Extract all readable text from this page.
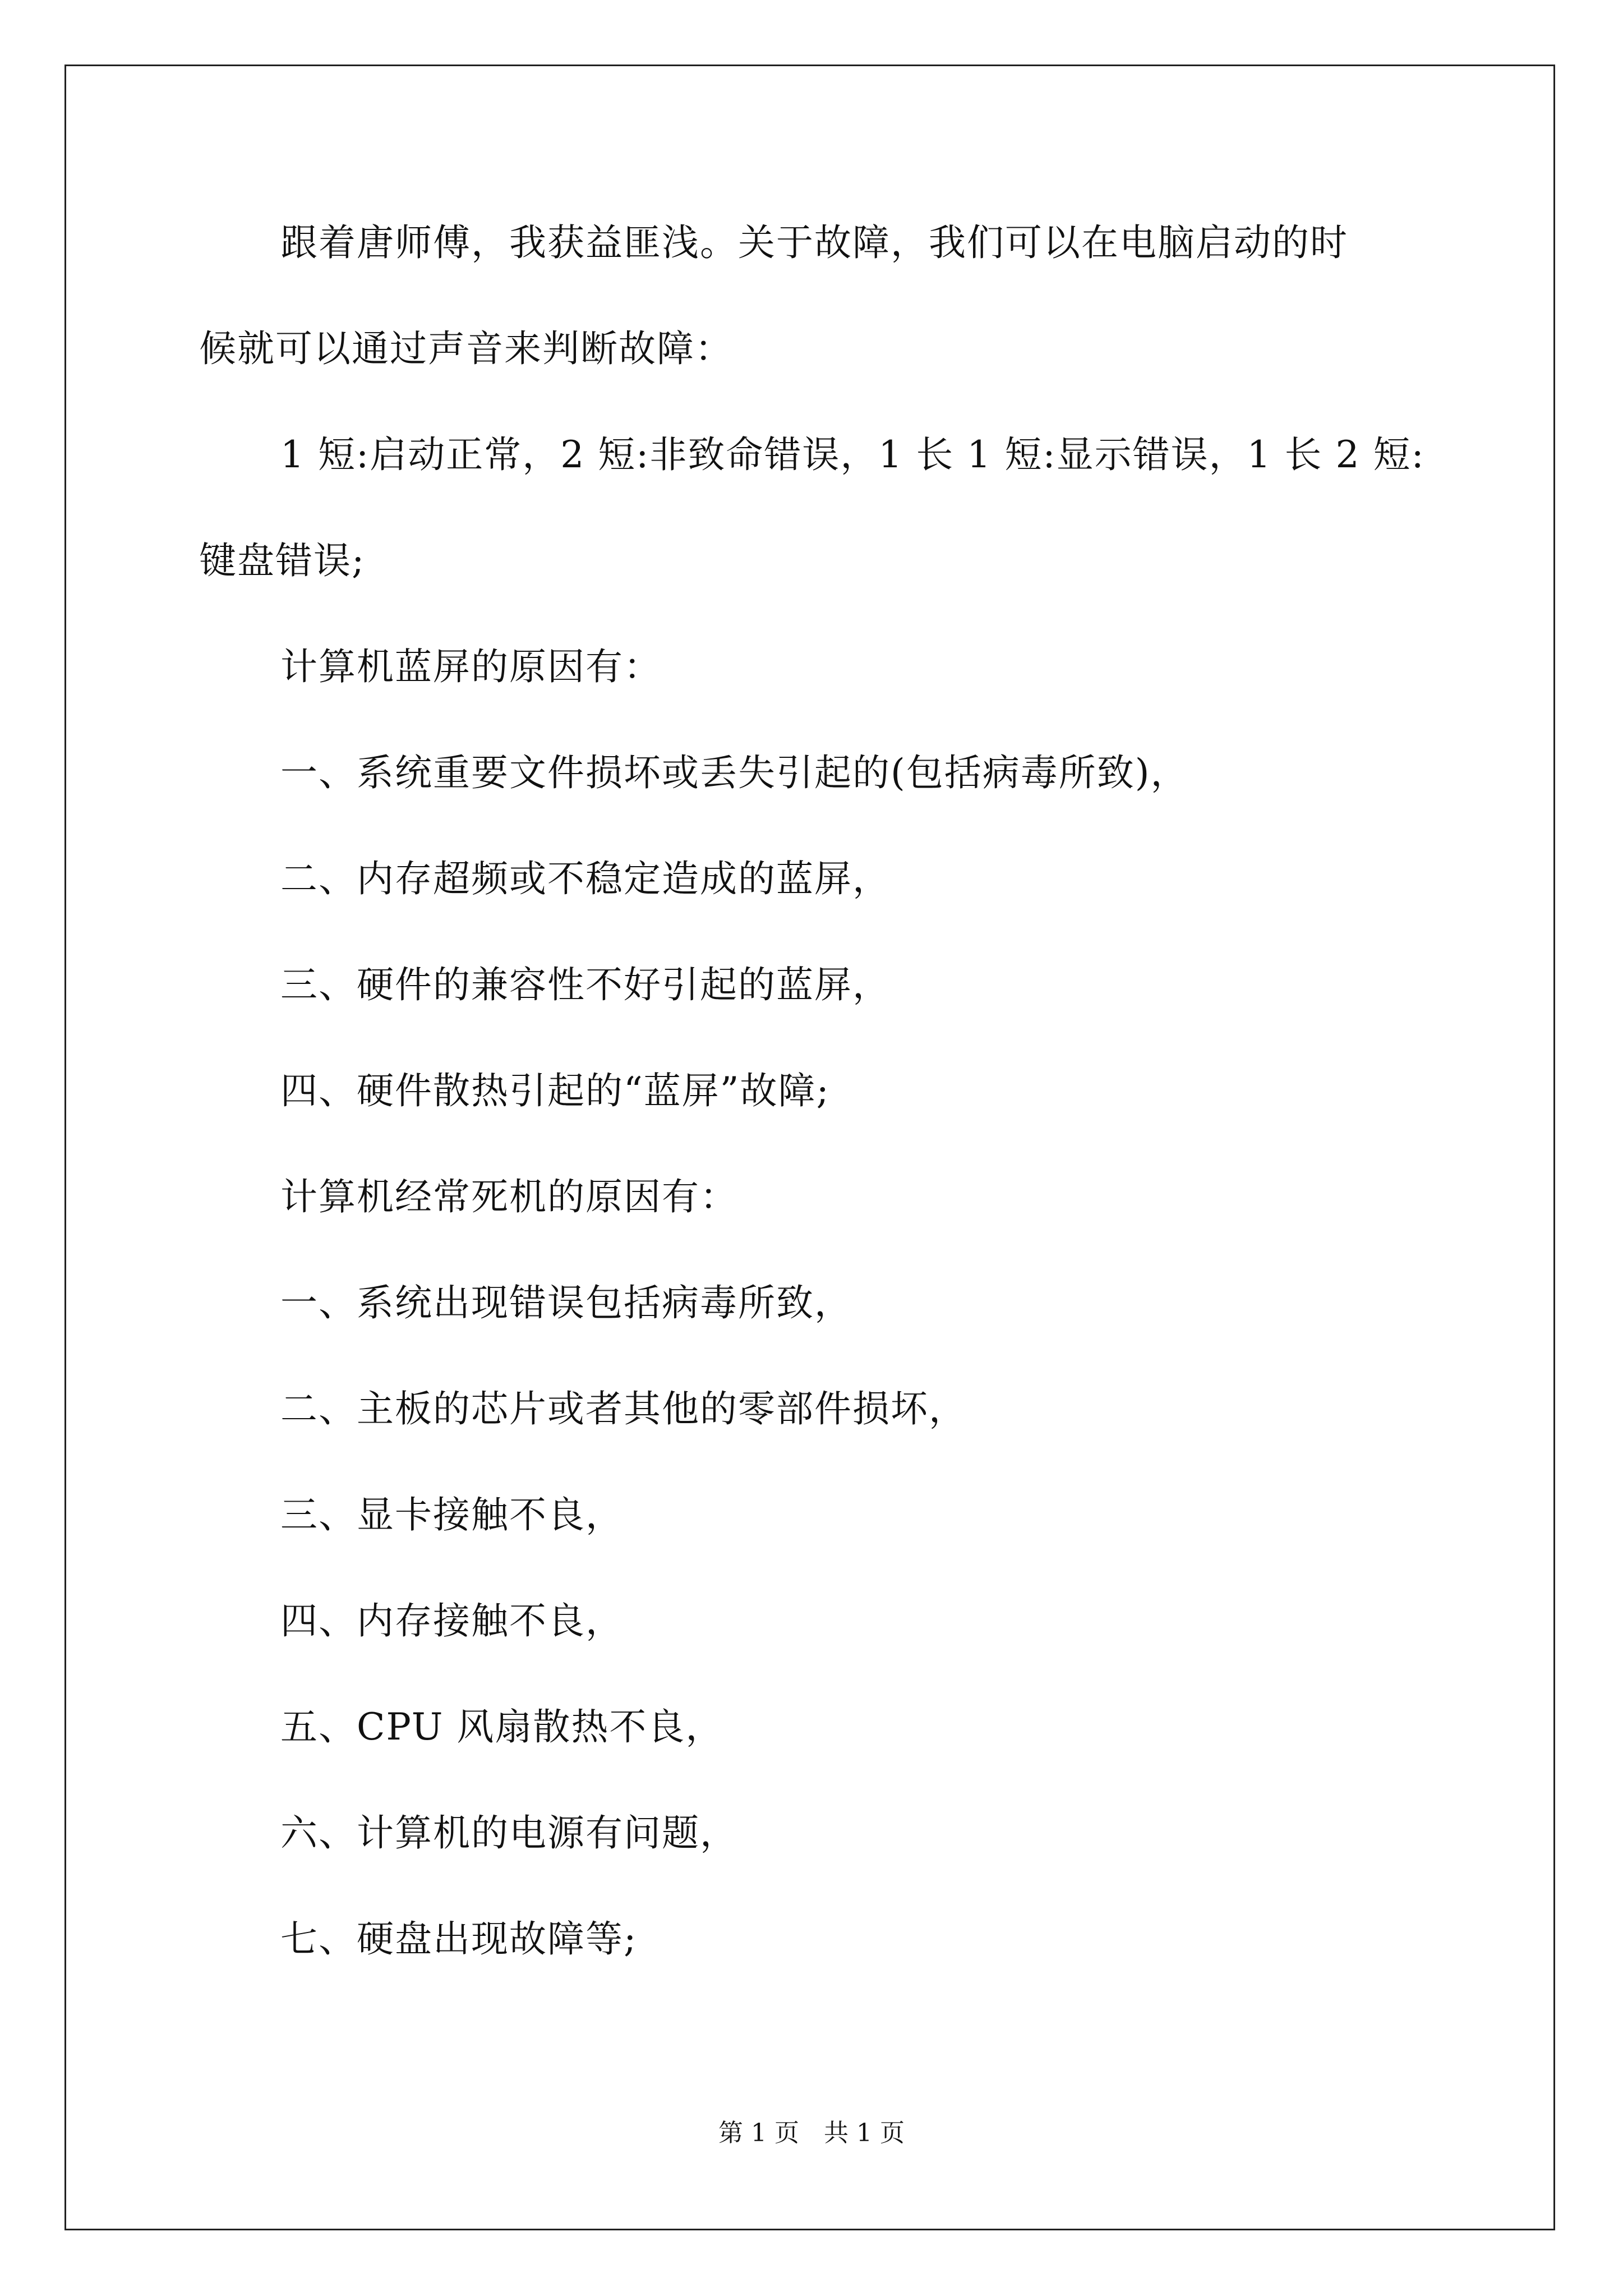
跟着唐师傅，我获益匪浅。关于故障，我们可以在电脑启动的时
候就可以通过声音来判断故障：
1 短:启动正常，2 短:非致命错误，1 长 1 短:显示错误，1 长 2 短:
键盘错误;
计算机蓝屏的原因有：
一、系统重要文件损坏或丢失引起的(包括病毒所致)，
二、内存超频或不稳定造成的蓝屏，
三、硬件的兼容性不好引起的蓝屏，
四、硬件散热引起的“蓝屏”故障;
计算机经常死机的原因有：
一、系统出现错误包括病毒所致，
二、主板的芯片或者其他的零部件损坏，
三、显卡接触不良，
四、内存接触不良，
五、CPU 风扇散热不良，
六、计算机的电源有问题，
七、硬盘出现故障等;
第 1 页　共 1 页
